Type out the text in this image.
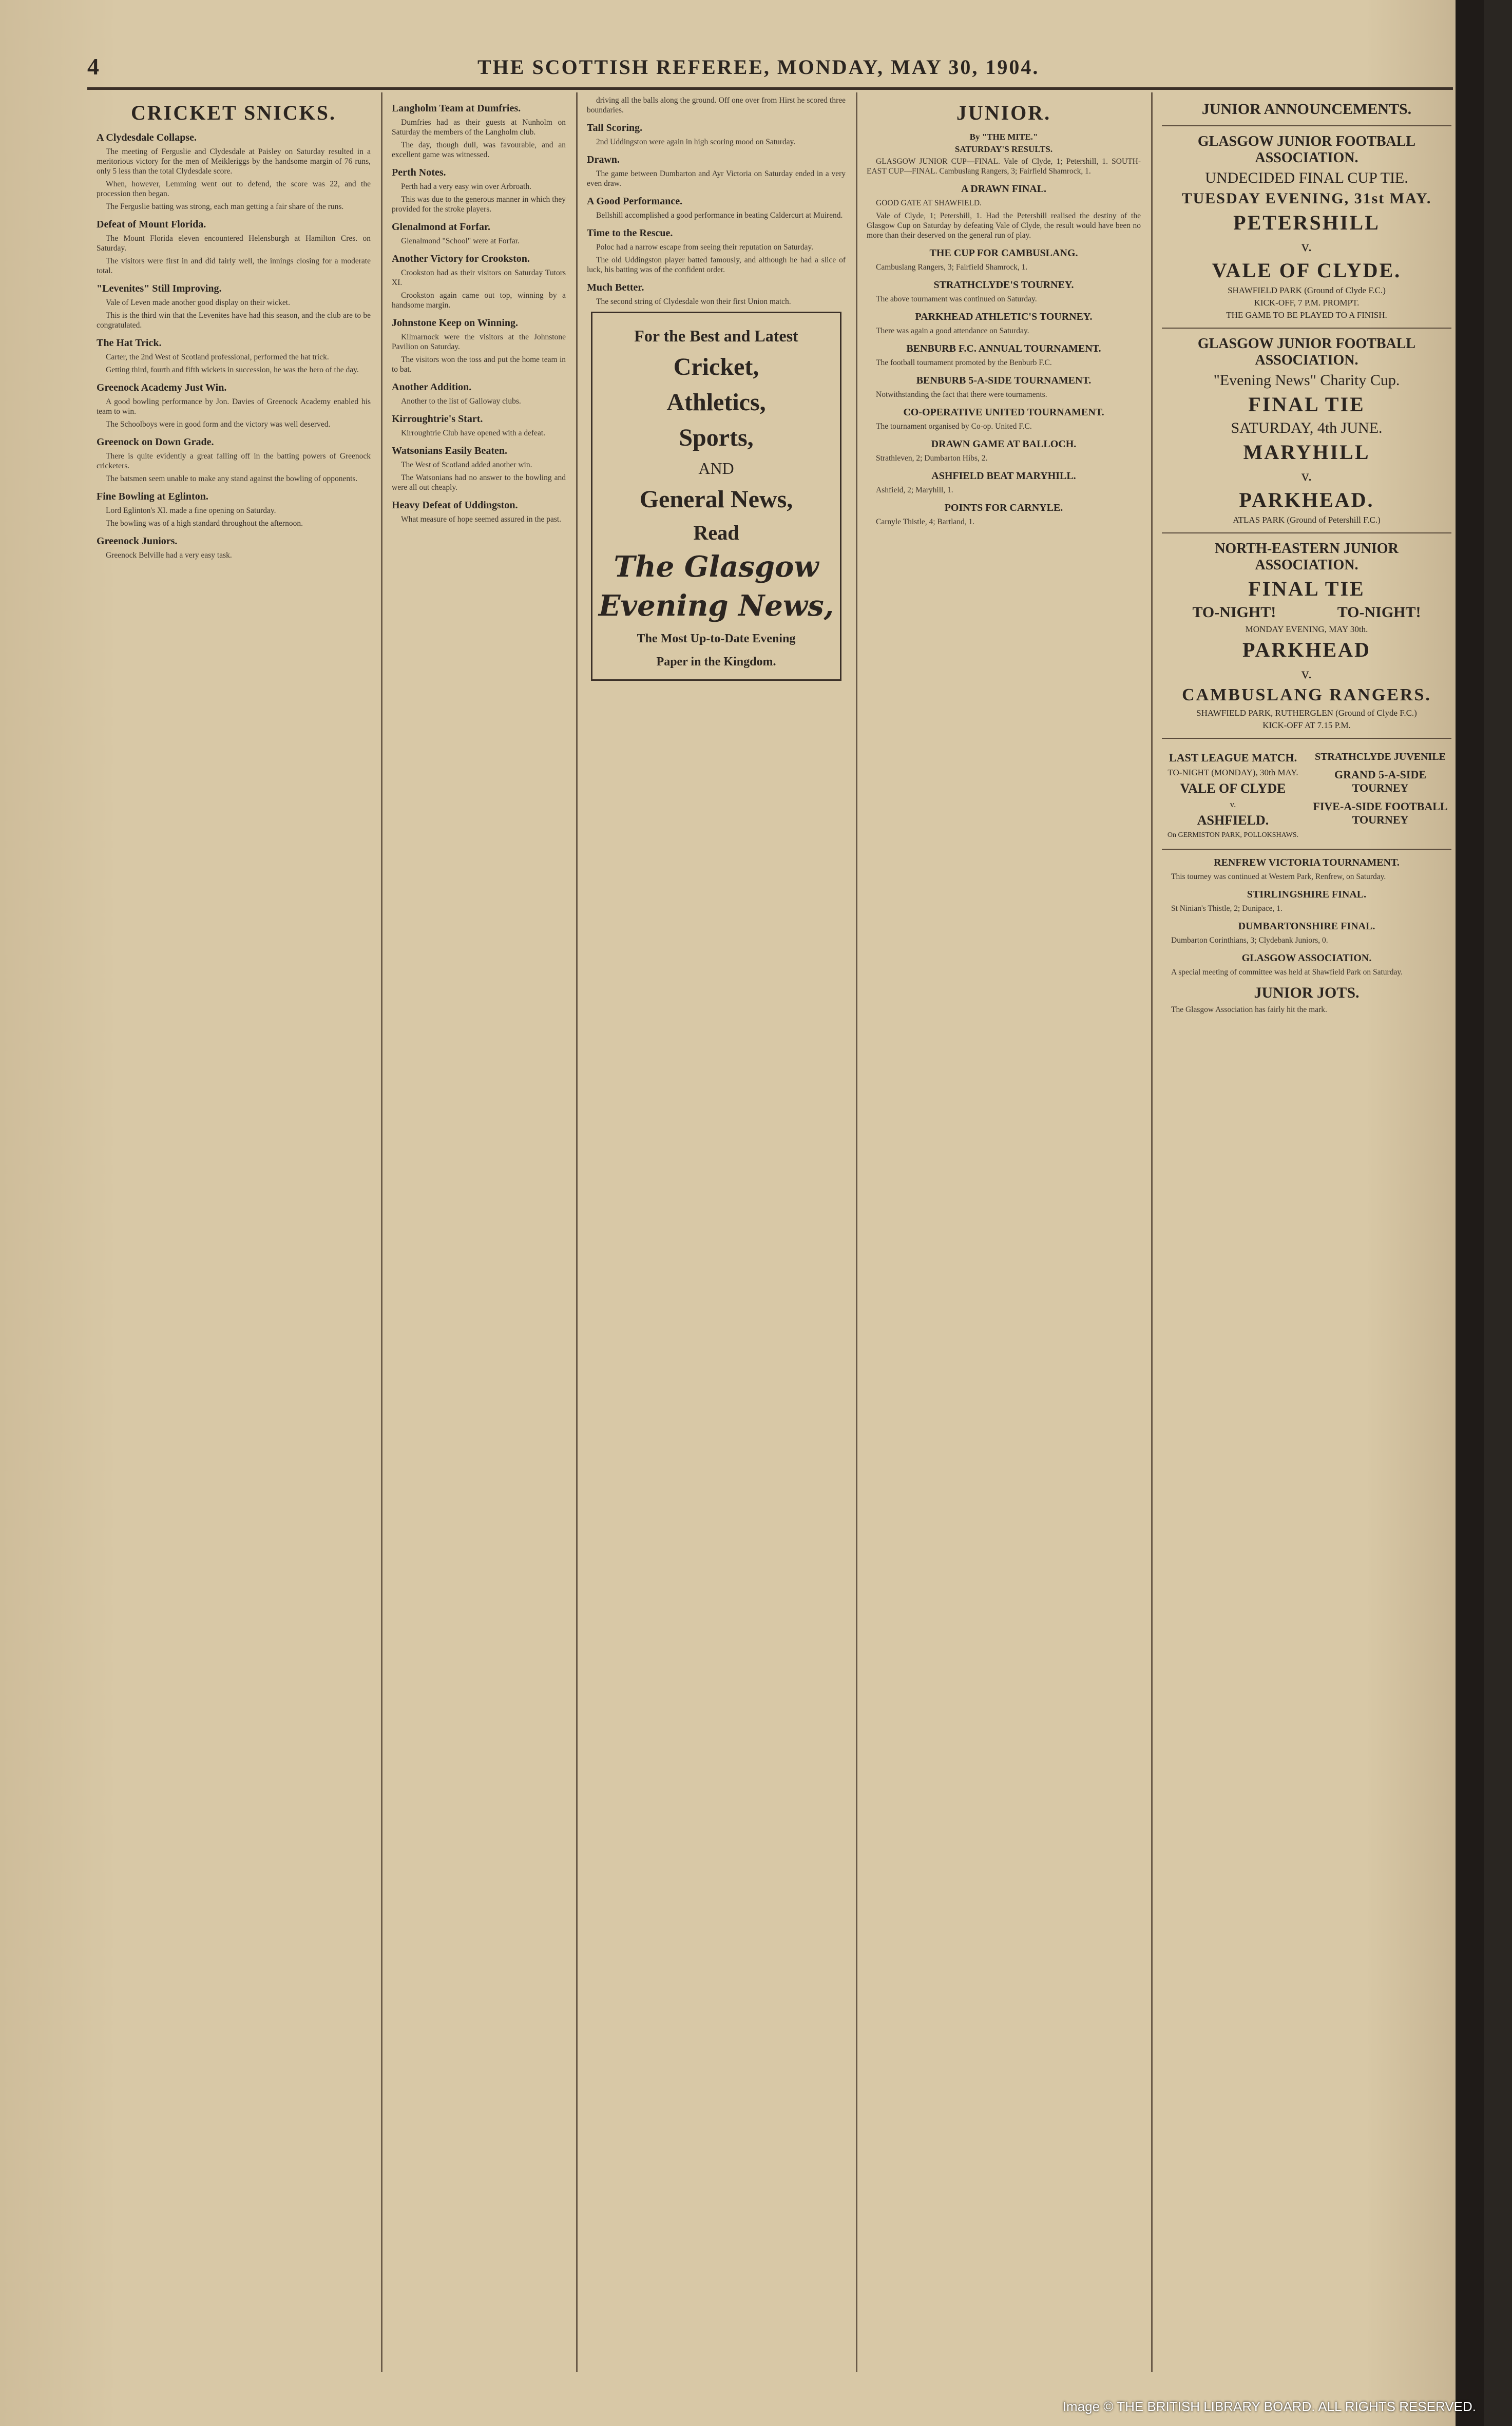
4	THE SCOTTISH REFEREE, MONDAY, MAY 30, 1904.
CRICKET SNICKS.
A Clydesdale Collapse.

The meeting of Ferguslie and Clydesdale at Paisley on Saturday resulted in a meritorious victory for the men of Meikleriggs by the handsome margin of 76 runs, only 5 less than the total Clydesdale score.

When, however, Lemming went out to defend, the score was 22, and the procession then began.

The Ferguslie batting was strong, each man getting a fair share of the runs.

Defeat of Mount Florida.

The Mount Florida eleven encountered Helensburgh at Hamilton Cres. on Saturday.

The visitors were first in and did fairly well, the innings closing for a moderate total.

"Levenites" Still Improving.

Vale of Leven made another good display on their wicket.

This is the third win that the Levenites have had this season, and the club are to be congratulated.

The Hat Trick.

Carter, the 2nd West of Scotland professional, performed the hat trick.

Getting third, fourth and fifth wickets in succession, he was the hero of the day.

Greenock Academy Just Win.

A good bowling performance by Jon. Davies of Greenock Academy enabled his team to win.

The Schoolboys were in good form and the victory was well deserved.

Greenock on Down Grade.

There is quite evidently a great falling off in the batting powers of Greenock cricketers.

The batsmen seem unable to make any stand against the bowling of opponents.

Fine Bowling at Eglinton.

Lord Eglinton's XI. made a fine opening on Saturday.

The bowling was of a high standard throughout the afternoon.

Greenock Juniors.

Greenock Belville had a very easy task.

Langholm Team at Dumfries.

Dumfries had as their guests at Nunholm on Saturday the members of the Langholm club.

The day, though dull, was favourable, and an excellent game was witnessed.

Perth Notes.

Perth had a very easy win over Arbroath.

This was due to the generous manner in which they provided for the stroke players.

Glenalmond at Forfar.

Glenalmond "School" were at Forfar.

Another Victory for Crookston.

Crookston had as their visitors on Saturday Tutors XI.

Crookston again came out top, winning by a handsome margin.

Johnstone Keep on Winning.

Kilmarnock were the visitors at the Johnstone Pavilion on Saturday.

The visitors won the toss and put the home team in to bat.

Another Addition.

Another to the list of Galloway clubs.

Kirroughtrie's Start.

Kirroughtrie Club have opened with a defeat.

Watsonians Easily Beaten.

The West of Scotland added another win.

The Watsonians had no answer to the bowling and were all out cheaply.

Heavy Defeat of Uddingston.

What measure of hope seemed assured in the past.

driving all the balls along the ground. Off one over from Hirst he scored three boundaries.

Tall Scoring.

2nd Uddingston were again in high scoring mood on Saturday.

Drawn.

The game between Dumbarton and Ayr Victoria on Saturday ended in a very even draw.

A Good Performance.

Bellshill accomplished a good performance in beating Caldercurt at Muirend.

Time to the Rescue.

Poloc had a narrow escape from seeing their reputation on Saturday.

The old Uddingston player batted famously, and although he had a slice of luck, his batting was of the confident order.

Much Better.

The second string of Clydesdale won their first Union match.

For the Best and Latest
Cricket,
Athletics,
Sports,
AND
General News,
Read
The Glasgow
Evening News,
The Most Up-to-Date Evening
Paper in the Kingdom.
JUNIOR.
By "THE MITE."
SATURDAY'S RESULTS.

GLASGOW JUNIOR CUP—FINAL. Vale of Clyde, 1; Petershill, 1. SOUTH-EAST CUP—FINAL. Cambuslang Rangers, 3; Fairfield Shamrock, 1.

A DRAWN FINAL.

GOOD GATE AT SHAWFIELD.

Vale of Clyde, 1; Petershill, 1. Had the Petershill realised the destiny of the Glasgow Cup on Saturday by defeating Vale of Clyde, the result would have been no more than their deserved on the general run of play.

THE CUP FOR CAMBUSLANG.

Cambuslang Rangers, 3; Fairfield Shamrock, 1.

STRATHCLYDE'S TOURNEY.

The above tournament was continued on Saturday.

PARKHEAD ATHLETIC'S TOURNEY.

There was again a good attendance on Saturday.

BENBURB F.C. ANNUAL TOURNAMENT.

The football tournament promoted by the Benburb F.C.

BENBURB 5-A-SIDE TOURNAMENT.

Notwithstanding the fact that there were tournaments.

CO-OPERATIVE UNITED TOURNAMENT.

The tournament organised by Co-op. United F.C.

DRAWN GAME AT BALLOCH.

Strathleven, 2; Dumbarton Hibs, 2.

ASHFIELD BEAT MARYHILL.

Ashfield, 2; Maryhill, 1.

POINTS FOR CARNYLE.

Carnyle Thistle, 4; Bartland, 1.

JUNIOR ANNOUNCEMENTS.
GLASGOW JUNIOR FOOTBALL ASSOCIATION.
UNDECIDED FINAL CUP TIE.
TUESDAY EVENING, 31st MAY.
PETERSHILL
v.
VALE OF CLYDE.
SHAWFIELD PARK (Ground of Clyde F.C.)
KICK-OFF, 7 P.M. PROMPT.
THE GAME TO BE PLAYED TO A FINISH.
GLASGOW JUNIOR FOOTBALL ASSOCIATION.
"Evening News" Charity Cup.
FINAL TIE
SATURDAY, 4th JUNE.
MARYHILL
v.
PARKHEAD.
ATLAS PARK (Ground of Petershill F.C.)
NORTH-EASTERN JUNIOR ASSOCIATION.
FINAL TIE
TO-NIGHT!                TO-NIGHT!
MONDAY EVENING, MAY 30th.
PARKHEAD
v.
CAMBUSLANG RANGERS.
SHAWFIELD PARK, RUTHERGLEN (Ground of Clyde F.C.)
KICK-OFF AT 7.15 P.M.
LAST LEAGUE MATCH.
TO-NIGHT (MONDAY), 30th MAY.
VALE OF CLYDE
v.
ASHFIELD.
On GERMISTON PARK, POLLOKSHAWS.
STRATHCLYDE JUVENILE
GRAND 5-A-SIDE TOURNEY
FIVE-A-SIDE FOOTBALL TOURNEY
RENFREW VICTORIA TOURNAMENT.

This tourney was continued at Western Park, Renfrew, on Saturday.

STIRLINGSHIRE FINAL.

St Ninian's Thistle, 2; Dunipace, 1.

DUMBARTONSHIRE FINAL.

Dumbarton Corinthians, 3; Clydebank Juniors, 0.

GLASGOW ASSOCIATION.

A special meeting of committee was held at Shawfield Park on Saturday.

JUNIOR JOTS.

The Glasgow Association has fairly hit the mark.

Image © THE BRITISH LIBRARY BOARD. ALL RIGHTS RESERVED.
